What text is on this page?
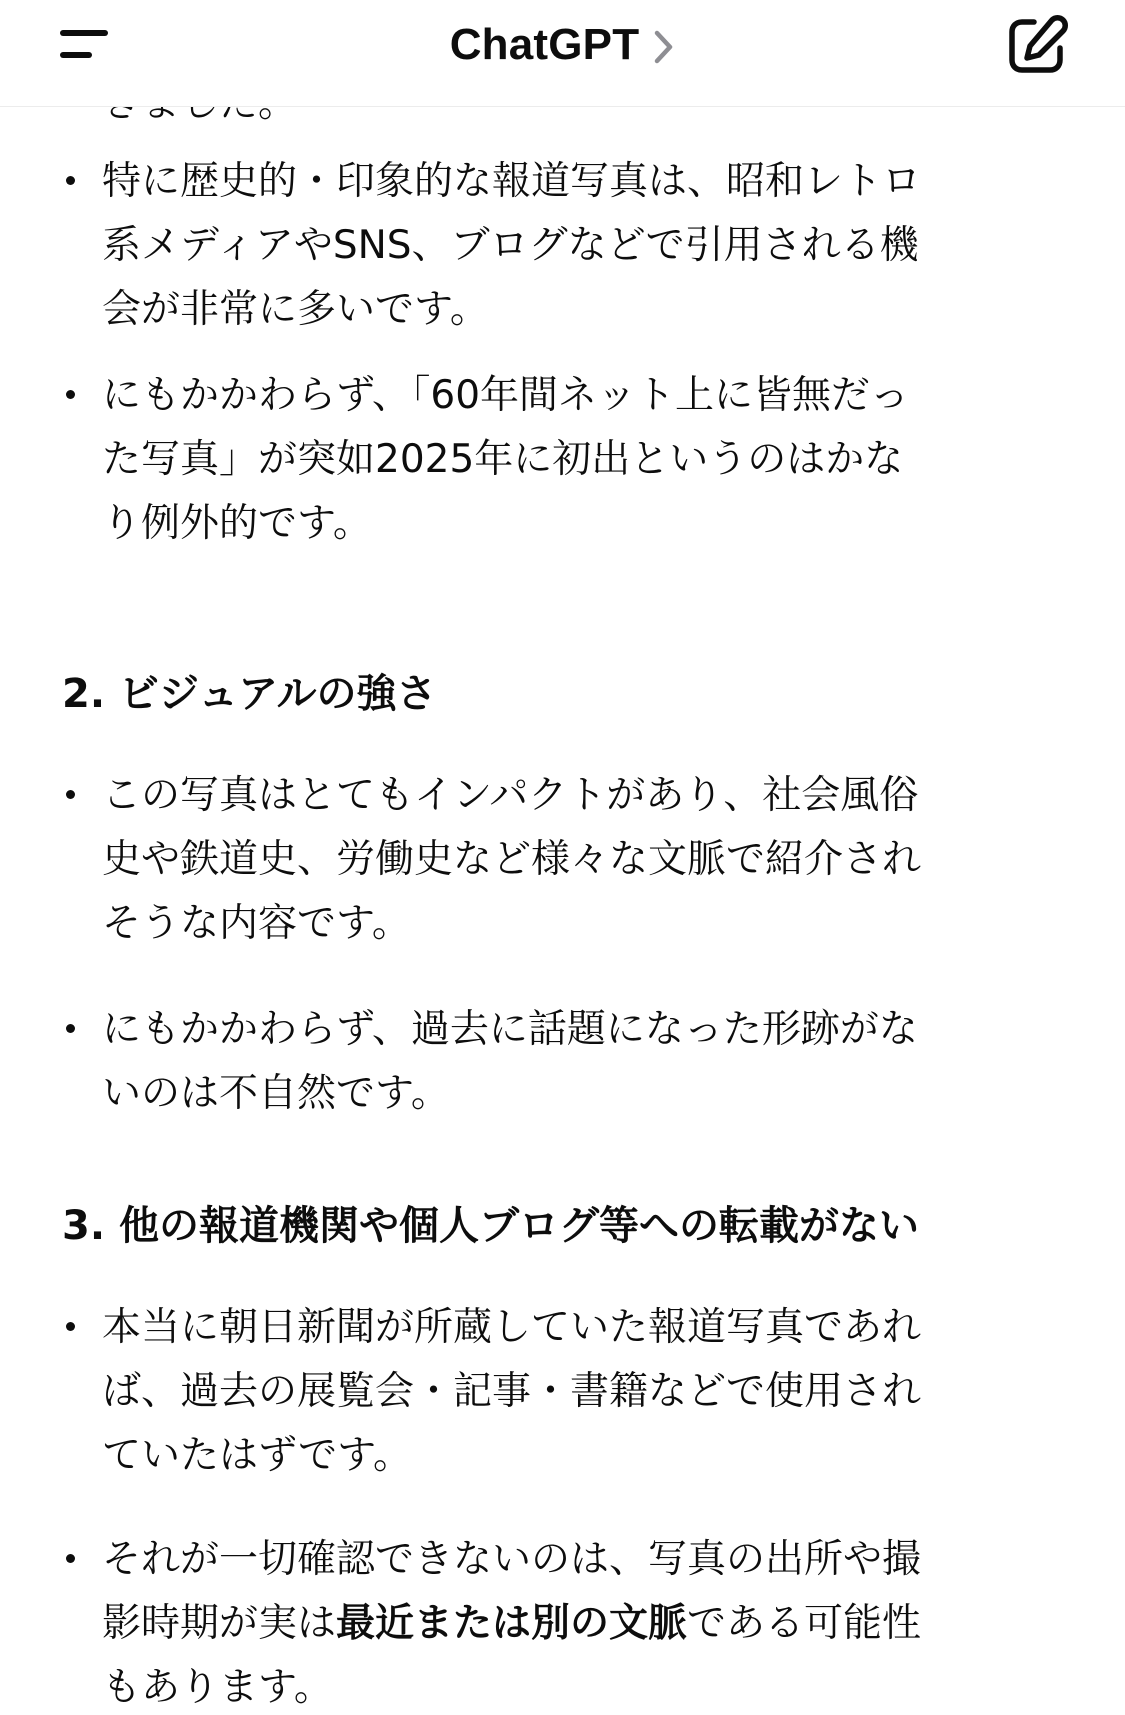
特に歴史的・印象的な報道写真は、昭和レトロ
系メディアやSNS、ブログなどで引用される機
会が非常に多いです。
にもかかわらず、「60年間ネット上に皆無だっ
た写真」が突如2025年に初出というのはかな
り例外的です。
2. ビジュアルの強さ
この写真はとてもインパクトがあり、社会風俗
史や鉄道史、労働史など様々な文脈で紹介され
そうな内容です。
にもかかわらず、過去に話題になった形跡がな
いのは不自然です。
3. 他の報道機関や個人ブログ等への転載がない
本当に朝日新聞が所蔵していた報道写真であれ
ば、過去の展覧会・記事・書籍などで使用され
ていたはずです。
それが一切確認できないのは、写真の出所や撮
影時期が実は最近または別の文脈である可能性
もあります。
ChatGPT
